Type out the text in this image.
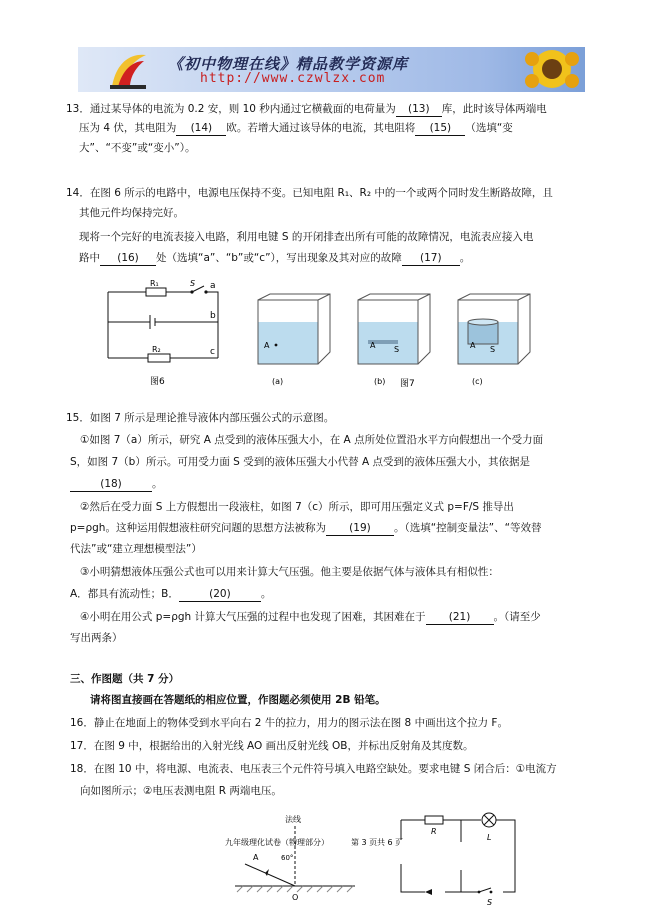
《初中物理在线》精品教学资源库
http://www.czwlzx.com
13．通过某导体的电流为 0.2 安，则 10 秒内通过它横截面的电荷量为 (13) 库，此时该导体两端电
压为 4 伏，其电阻为 (14) 欧。若增大通过该导体的电流，其电阻将 (15) （选填“变
大”、“不变”或“变小”）。
14．在图 6 所示的电路中，电源电压保持不变。已知电阻 R₁、R₂ 中的一个或两个同时发生断路故障，且
其他元件均保持完好。
现将一个完好的电流表接入电路，利用电键 S 的开闭排查出所有可能的故障情况，电流表应接入电
路中 (16) 处（选填“a”、“b”或“c”），写出现象及其对应的故障 (17) 。
R₁	S a
b
c
R₂
图6
A
(a)
A S
(b)
A S
(c)
图7
15．如图 7 所示是理论推导液体内部压强公式的示意图。
①如图 7（a）所示，研究 A 点受到的液体压强大小，在 A 点所处位置沿水平方向假想出一个受力面
S，如图 7（b）所示。可用受力面 S 受到的液体压强大小代替 A 点受到的液体压强大小，其依据是
(18)	。
②然后在受力面 S 上方假想出一段液柱，如图 7（c）所示，即可用压强定义式 p=F/S 推导出
p=ρgh。这种运用假想液柱研究问题的思想方法被称为 (19) 。（选填“控制变量法”、“等效替
代法”或“建立理想模型法”）
③小明猜想液体压强公式也可以用来计算大气压强。他主要是依据气体与液体具有相似性：
A．都具有流动性；B．	(20)	。
④小明在用公式 p=ρgh 计算大气压强的过程中也发现了困难，其困难在于 (21) 。（请至少
写出两条）
三、作图题（共 7 分）
请将图直接画在答题纸的相应位置，作图题必须使用 2B 铅笔。
16．静止在地面上的物体受到水平向右 2 牛的拉力，用力的图示法在图 8 中画出这个拉力 F。
17．在图 9 中，根据给出的入射光线 AO 画出反射光线 OB，并标出反射角及其度数。
18．在图 10 中，将电源、电流表、电压表三个元件符号填入电路空缺处。要求电键 S 闭合后：①电流方
向如图所示；②电压表测电阻 R 两端电压。
法线
九年级理化试卷（物理部分）	第 3 页 共 6 页
A	60°
O
R
L
S
